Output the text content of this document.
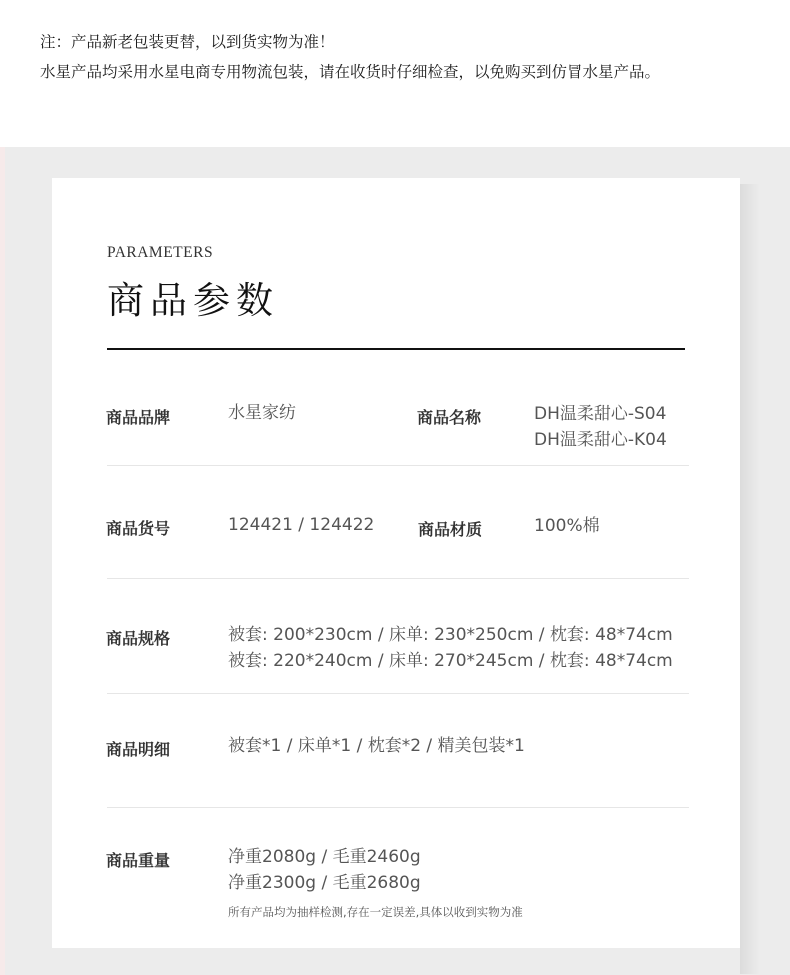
注：产品新老包装更替，以到货实物为准！
水星产品均采用水星电商专用物流包装，请在收货时仔细检查，以免购买到仿冒水星产品。
PARAMETERS
商品参数
商品品牌	水星家纺	商品名称	DH温柔甜心-S04
DH温柔甜心-K04
商品货号	124421 / 124422	商品材质	100%棉
商品规格	被套: 200*230cm / 床单: 230*250cm / 枕套: 48*74cm
被套: 220*240cm / 床单: 270*245cm / 枕套: 48*74cm
商品明细	被套*1 / 床单*1 / 枕套*2 / 精美包装*1
商品重量	净重2080g / 毛重2460g
净重2300g / 毛重2680g
所有产品均为抽样检测,存在一定误差,具体以收到实物为准
